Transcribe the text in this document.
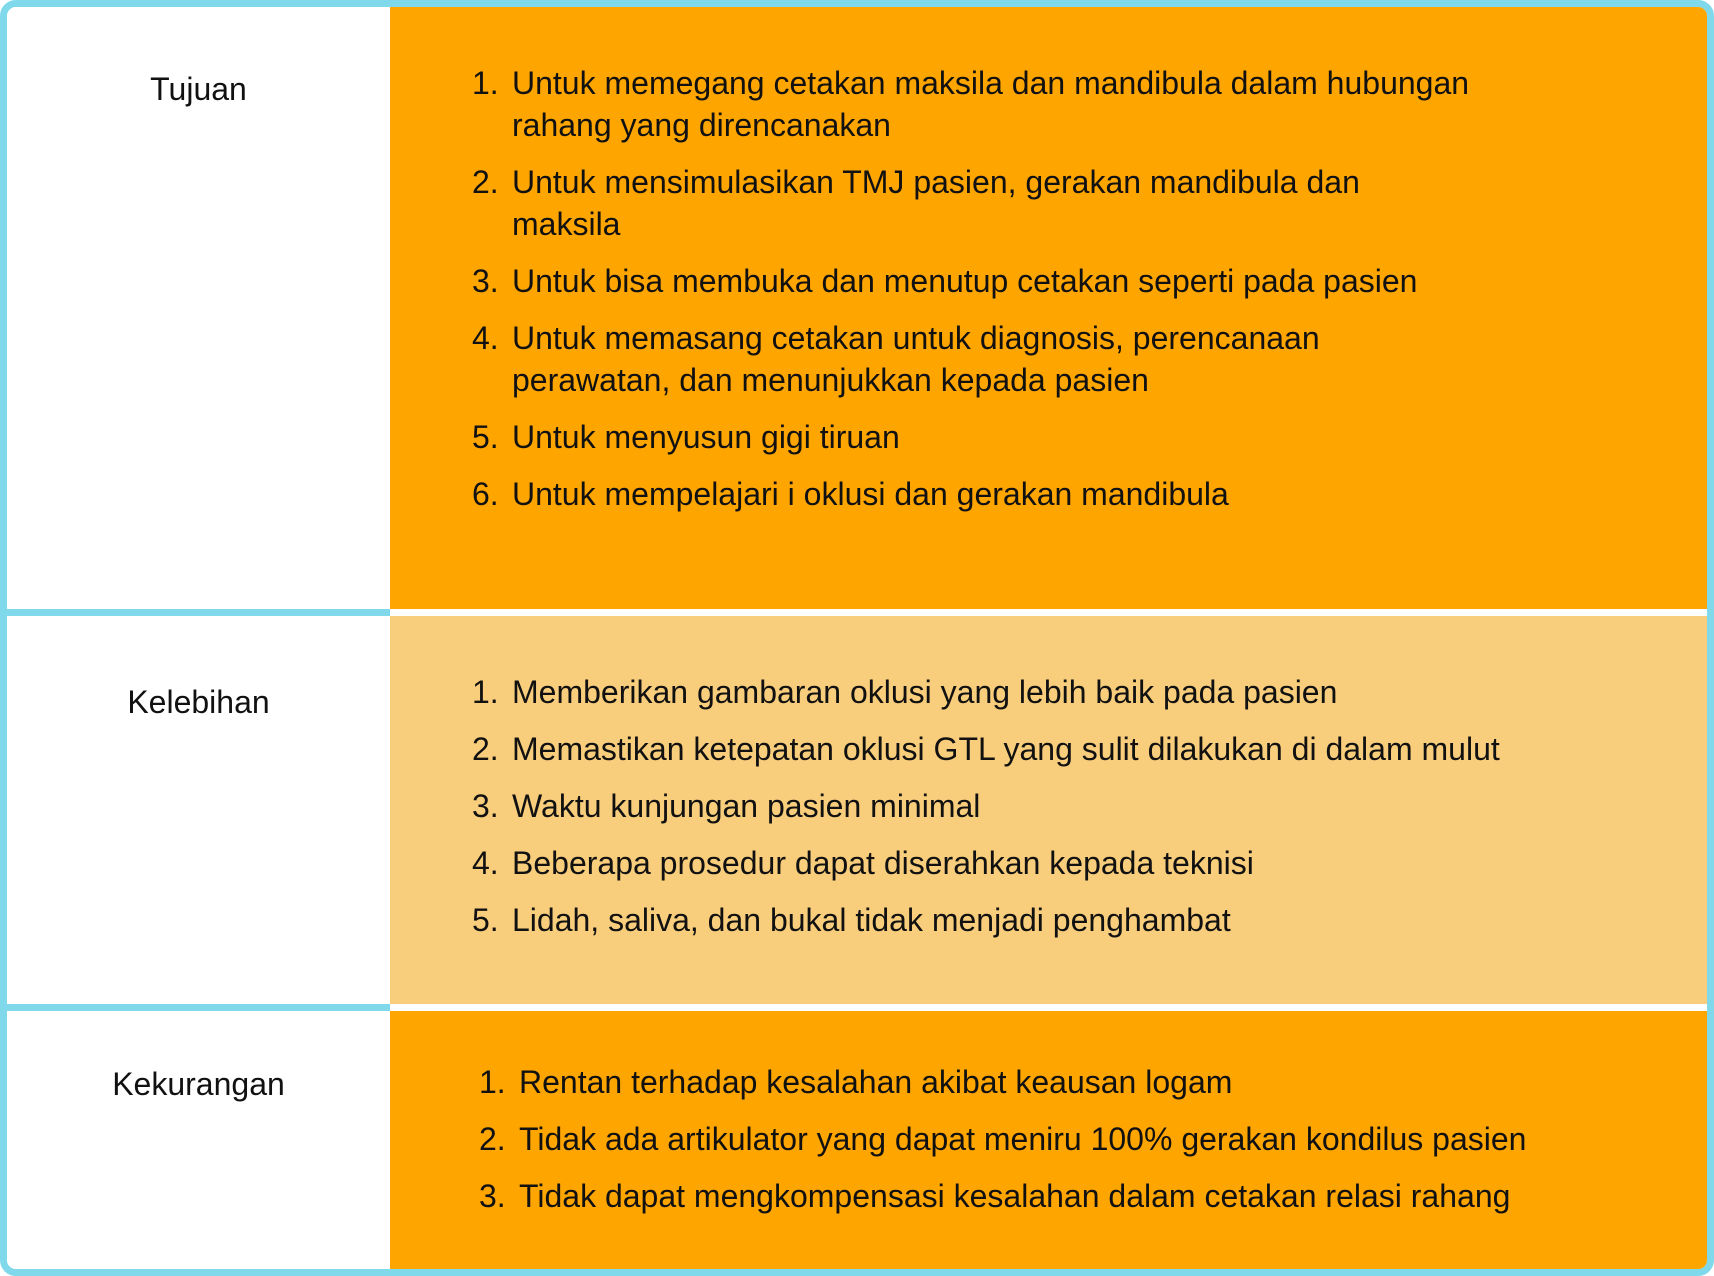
Tujuan	1. Untuk memegang cetakan maksila dan mandibula dalam hubungan rahang yang direncanakan
2. Untuk mensimulasikan TMJ pasien, gerakan mandibula dan maksila
3. Untuk bisa membuka dan menutup cetakan seperti pada pasien
4. Untuk memasang cetakan untuk diagnosis, perencanaan perawatan, dan menunjukkan kepada pasien
5. Untuk menyusun gigi tiruan
6. Untuk mempelajari i oklusi dan gerakan mandibula
Kelebihan	1. Memberikan gambaran oklusi yang lebih baik pada pasien
2. Memastikan ketepatan oklusi GTL yang sulit dilakukan di dalam mulut
3. Waktu kunjungan pasien minimal
4. Beberapa prosedur dapat diserahkan kepada teknisi
5. Lidah, saliva, dan bukal tidak menjadi penghambat
Kekurangan	1. Rentan terhadap kesalahan akibat keausan logam
2. Tidak ada artikulator yang dapat meniru 100% gerakan kondilus pasien
3. Tidak dapat mengkompensasi kesalahan dalam cetakan relasi rahang
